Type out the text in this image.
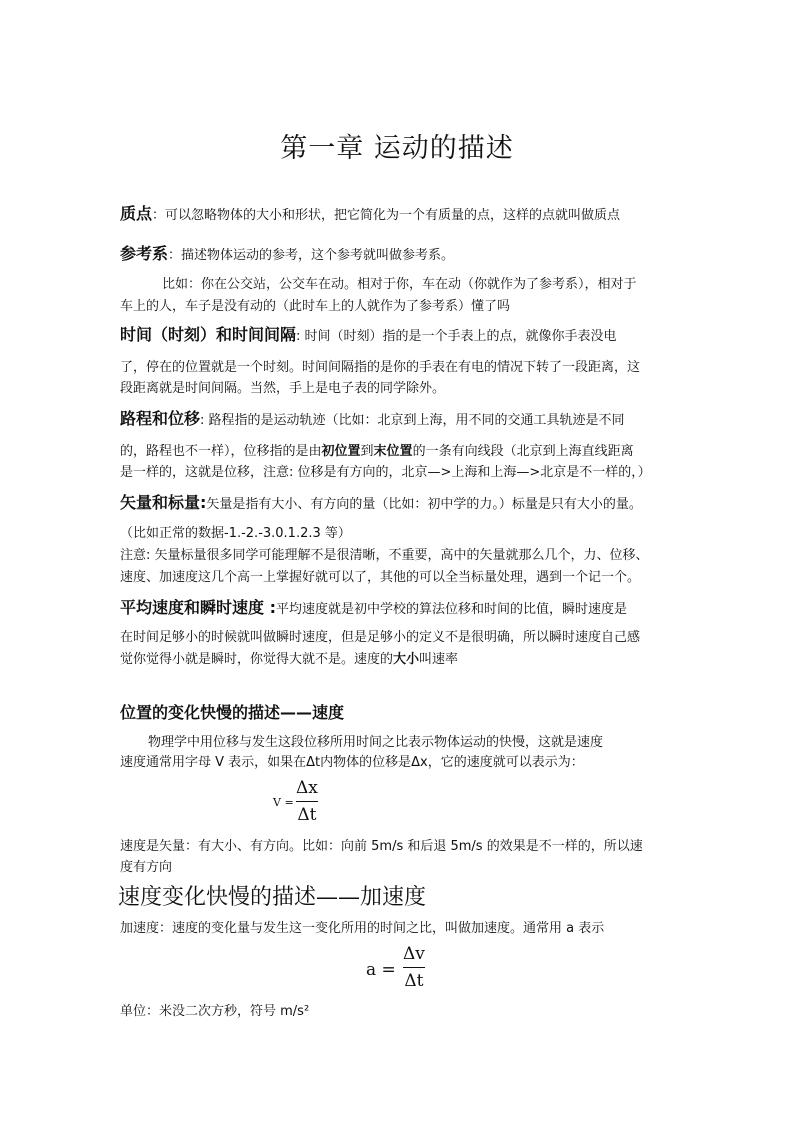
第一章 运动的描述
质点：可以忽略物体的大小和形状，把它简化为一个有质量的点，这样的点就叫做质点
参考系：描述物体运动的参考，这个参考就叫做参考系。
比如：你在公交站，公交车在动。相对于你，车在动（你就作为了参考系），相对于
车上的人，车子是没有动的（此时车上的人就作为了参考系）懂了吗
时间（时刻）和时间间隔: 时间（时刻）指的是一个手表上的点，就像你手表没电
了，停在的位置就是一个时刻。时间间隔指的是你的手表在有电的情况下转了一段距离，这
段距离就是时间间隔。当然，手上是电子表的同学除外。
路程和位移: 路程指的是运动轨迹（比如：北京到上海，用不同的交通工具轨迹是不同
的，路程也不一样），位移指的是由初位置到末位置的一条有向线段（北京到上海直线距离
是一样的，这就是位移，注意: 位移是有方向的，北京—>上海和上海—>北京是不一样的，）
矢量和标量:矢量是指有大小、有方向的量（比如：初中学的力。）标量是只有大小的量。
（比如正常的数据-1.-2.-3.0.1.2.3 等）
注意: 矢量标量很多同学可能理解不是很清晰，不重要，高中的矢量就那么几个，力、位移、
速度、加速度这几个高一上掌握好就可以了，其他的可以全当标量处理，遇到一个记一个。
平均速度和瞬时速度 :平均速度就是初中学校的算法位移和时间的比值，瞬时速度是
在时间足够小的时候就叫做瞬时速度，但是足够小的定义不是很明确，所以瞬时速度自己感
觉你觉得小就是瞬时，你觉得大就不是。速度的大小叫速率
位置的变化快慢的描述——速度
物理学中用位移与发生这段位移所用时间之比表示物体运动的快慢，这就是速度
速度通常用字母 V 表示，如果在Δt内物体的位移是Δx，它的速度就可以表示为：
V =
Δx
Δt
速度是矢量：有大小、有方向。比如：向前 5m/s 和后退 5m/s 的效果是不一样的，所以速
度有方向
速度变化快慢的描述——加速度
加速度：速度的变化量与发生这一变化所用的时间之比，叫做加速度。通常用 a 表示
a =
Δv
Δt
单位：米没二次方秒，符号 m/s²
